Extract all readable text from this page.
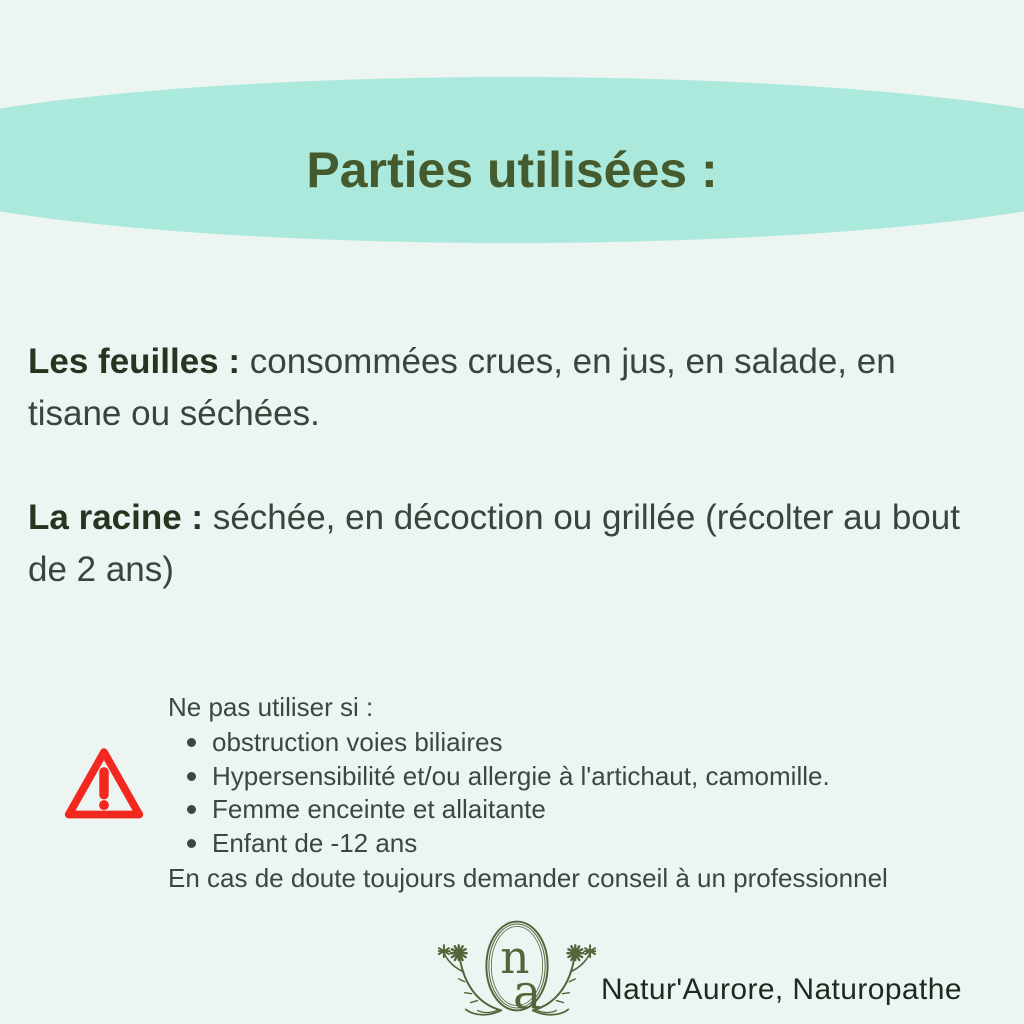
Parties utilisées :
Les feuilles : consommées crues, en jus, en salade, en tisane ou séchées.
La racine : séchée, en décoction ou grillée (récolter au bout de 2 ans)
Ne pas utiliser si :
obstruction voies biliaires
Hypersensibilité et/ou allergie à l'artichaut, camomille.
Femme enceinte et allaitante
Enfant de -12 ans
En cas de doute toujours demander conseil à un professionnel
n
a Natur'Aurore, Naturopathe
